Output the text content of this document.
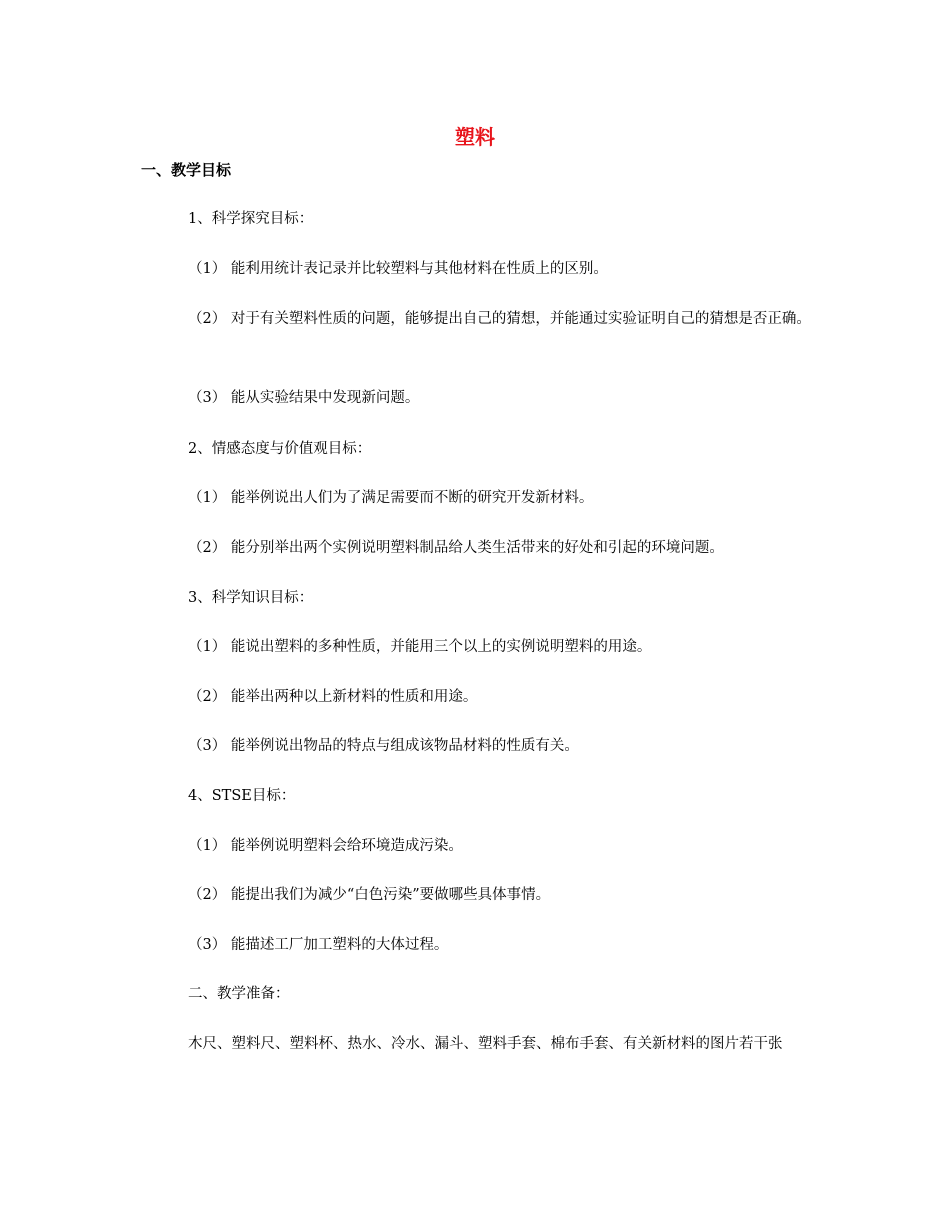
塑料
一、教学目标
1、科学探究目标：
（1） 能利用统计表记录并比较塑料与其他材料在性质上的区别。
（2） 对于有关塑料性质的问题，能够提出自己的猜想，并能通过实验证明自己的猜想是否正确。
（3） 能从实验结果中发现新问题。
2、情感态度与价值观目标：
（1） 能举例说出人们为了满足需要而不断的研究开发新材料。
（2） 能分别举出两个实例说明塑料制品给人类生活带来的好处和引起的环境问题。
3、科学知识目标：
（1） 能说出塑料的多种性质，并能用三个以上的实例说明塑料的用途。
（2） 能举出两种以上新材料的性质和用途。
（3） 能举例说出物品的特点与组成该物品材料的性质有关。
4、STSE目标：
（1） 能举例说明塑料会给环境造成污染。
（2） 能提出我们为减少“白色污染”要做哪些具体事情。
（3） 能描述工厂加工塑料的大体过程。
二、教学准备：
木尺、塑料尺、塑料杯、热水、冷水、漏斗、塑料手套、棉布手套、有关新材料的图片若干张
